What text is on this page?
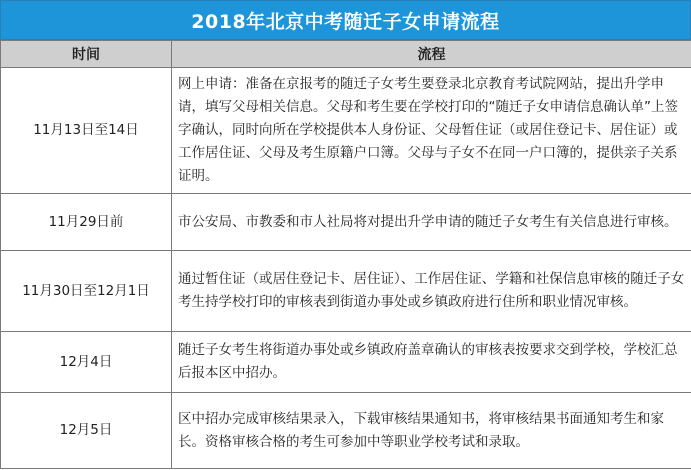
2018年北京中考随迁子女申请流程
时间	流程
11月13日至14日	网上申请：准备在京报考的随迁子女考生要登录北京教育考试院网站，提出升学申请，填写父母相关信息。父母和考生要在学校打印的“随迁子女申请信息确认单”上签字确认，同时向所在学校提供本人身份证、父母暂住证（或居住登记卡、居住证）或工作居住证、父母及考生原籍户口簿。父母与子女不在同一户口簿的，提供亲子关系证明。
11月29日前	市公安局、市教委和市人社局将对提出升学申请的随迁子女考生有关信息进行审核。
11月30日至12月1日	通过暂住证（或居住登记卡、居住证）、工作居住证、学籍和社保信息审核的随迁子女考生持学校打印的审核表到街道办事处或乡镇政府进行住所和职业情况审核。
12月4日	随迁子女考生将街道办事处或乡镇政府盖章确认的审核表按要求交到学校，学校汇总后报本区中招办。
12月5日	区中招办完成审核结果录入，下载审核结果通知书，将审核结果书面通知考生和家长。资格审核合格的考生可参加中等职业学校考试和录取。
